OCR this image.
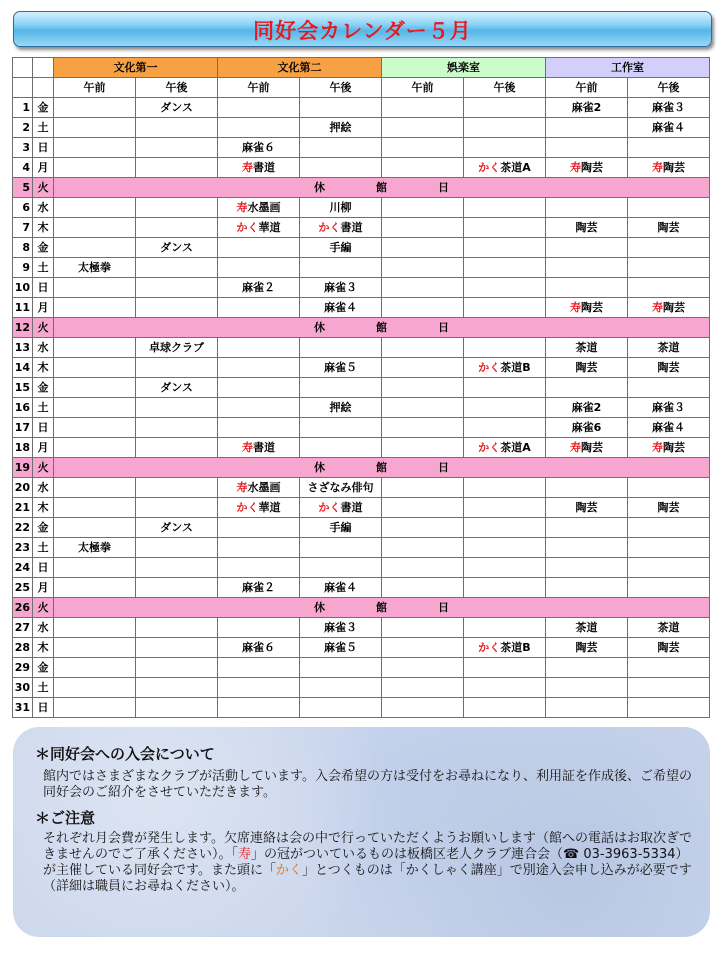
同好会カレンダー５月
		文化第一		文化第二		娯楽室		工作室	
		午前	午後	午前	午後	午前	午後	午前	午後
1	金		ダンス					麻雀2	麻雀３
2	土				押絵				麻雀４
3	日			麻雀６					
4	月			寿書道			かく茶道A	寿陶芸	寿陶芸
5	火	休 館 日							
6	水			寿水墨画	川柳				
7	木			かく華道	かく書道			陶芸	陶芸
8	金		ダンス		手編				
9	土	太極拳							
10	日			麻雀２	麻雀３				
11	月				麻雀４			寿陶芸	寿陶芸
12	火	休 館 日							
13	水		卓球クラブ					茶道	茶道
14	木				麻雀５		かく茶道B	陶芸	陶芸
15	金		ダンス						
16	土				押絵			麻雀2	麻雀３
17	日							麻雀6	麻雀４
18	月			寿書道			かく茶道A	寿陶芸	寿陶芸
19	火	休 館 日							
20	水			寿水墨画	さざなみ俳句				
21	木			かく華道	かく書道			陶芸	陶芸
22	金		ダンス		手編				
23	土	太極拳							
24	日								
25	月			麻雀２	麻雀４				
26	火	休 館 日							
27	水				麻雀３			茶道	茶道
28	木			麻雀６	麻雀５		かく茶道B	陶芸	陶芸
29	金								
30	土								
31	日								
＊同好会への入会について
館内ではさまざまなクラブが活動しています。入会希望の方は受付をお尋ねになり、利用証を作成後、ご希望の同好会のご紹介をさせていただきます。
＊ご注意
それぞれ月会費が発生します。欠席連絡は会の中で行っていただくようお願いします（館への電話はお取次ぎできませんのでご了承ください）。「寿」の冠がついているものは板橋区老人クラブ連合会（☎ 03-3963-5334）が主催している同好会です。また頭に「かく」とつくものは「かくしゃく講座」で別途入会申し込みが必要です（詳細は職員にお尋ねください）。
